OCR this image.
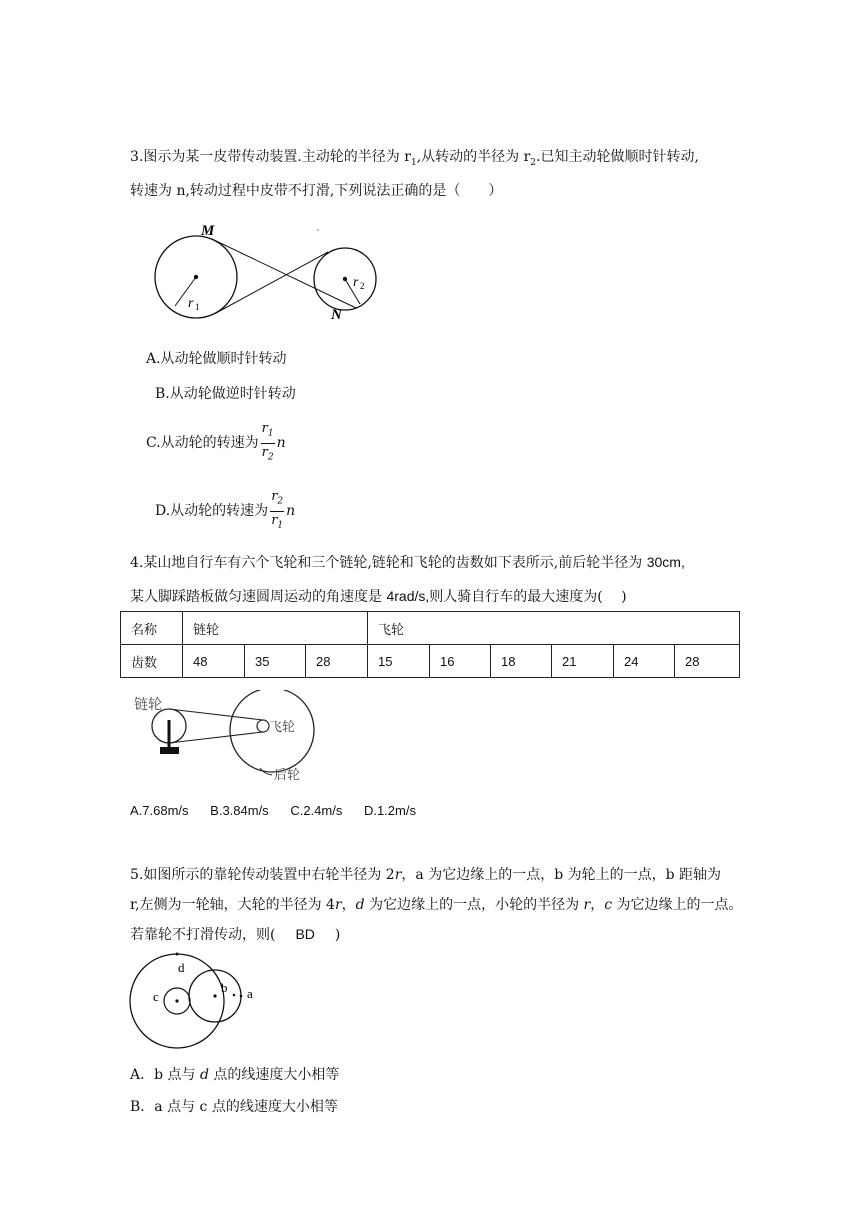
3.图示为某一皮带传动装置.主动轮的半径为 $r_1$,从转动的半径为 $r_2$.已知主动轮做顺时针转动,
转速为 n,转动过程中皮带不打滑,下列说法正确的是（　　）
M
N
r 1
r 2
A.从动轮做顺时针转动
B.从动轮做逆时针转动
C.从动轮的转速为 $\frac{r_1}{r_2}$ n
D.从动轮的转速为 $\frac{r_2}{r_1}$ n
4.某山地自行车有六个飞轮和三个链轮,链轮和飞轮的齿数如下表所示,前后轮半径为 30cm,
某人脚踩踏板做匀速圆周运动的角速度是 4rad/s,则人骑自行车的最大速度为(　 )
名称	链轮			飞轮					
齿数	48	35	28	15	16	18	21	24	28
链轮
飞轮
后轮
A.7.68m/s B.3.84m/s C.2.4m/s D.1.2m/s
5.如图所示的靠轮传动装置中右轮半径为 2r，a 为它边缘上的一点，b 为轮上的一点，b 距轴为
r,左侧为一轮轴，大轮的半径为 4r，d 为它边缘上的一点，小轮的半径为 r，c 为它边缘上的一点。
若靠轮不打滑传动，则( BD )
d
c
b a
A．b 点与 d 点的线速度大小相等
B．a 点与 c 点的线速度大小相等
